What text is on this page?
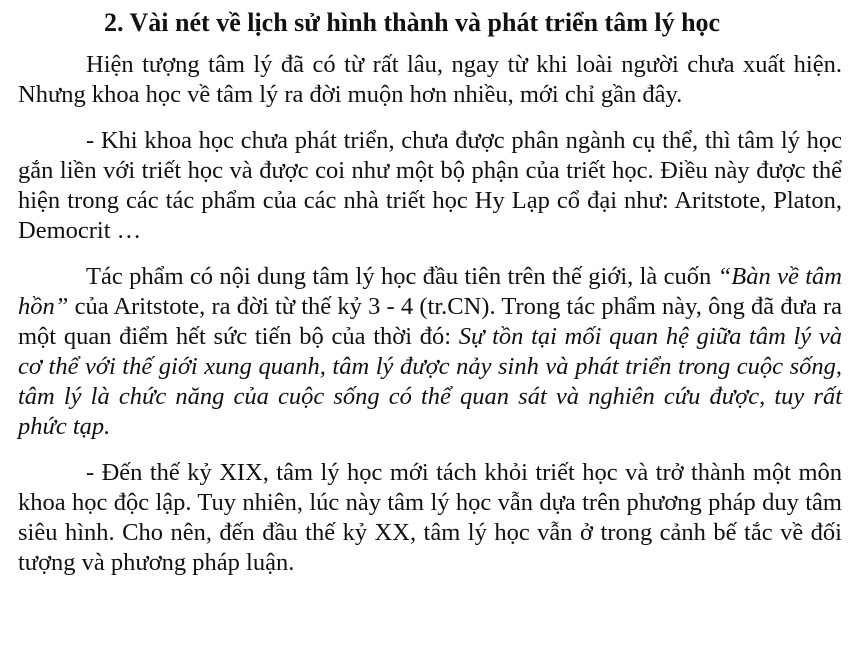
2. Vài nét về lịch sử hình thành và phát triển tâm lý học

Hiện tượng tâm lý đã có từ rất lâu, ngay từ khi loài người chưa xuất hiện. Nhưng khoa học về tâm lý ra đời muộn hơn nhiều, mới chỉ gần đây.

- Khi khoa học chưa phát triển, chưa được phân ngành cụ thể, thì tâm lý học gắn liền với triết học và được coi như một bộ phận của triết học. Điều này được thể hiện trong các tác phẩm của các nhà triết học Hy Lạp cổ đại như: Aritstote, Platon, Democrit …

Tác phẩm có nội dung tâm lý học đầu tiên trên thế giới, là cuốn “Bàn về tâm hồn” của Aritstote, ra đời từ thế kỷ 3 - 4 (tr.CN). Trong tác phẩm này, ông đã đưa ra một quan điểm hết sức tiến bộ của thời đó: Sự tồn tại mối quan hệ giữa tâm lý và cơ thể với thế giới xung quanh, tâm lý được nảy sinh và phát triển trong cuộc sống, tâm lý là chức năng của cuộc sống có thể quan sát và nghiên cứu được, tuy rất phức tạp.

- Đến thế kỷ XIX, tâm lý học mới tách khỏi triết học và trở thành một môn khoa học độc lập. Tuy nhiên, lúc này tâm lý học vẫn dựa trên phương pháp duy tâm siêu hình. Cho nên, đến đầu thế kỷ XX, tâm lý học vẫn ở trong cảnh bế tắc về đối tượng và phương pháp luận.
